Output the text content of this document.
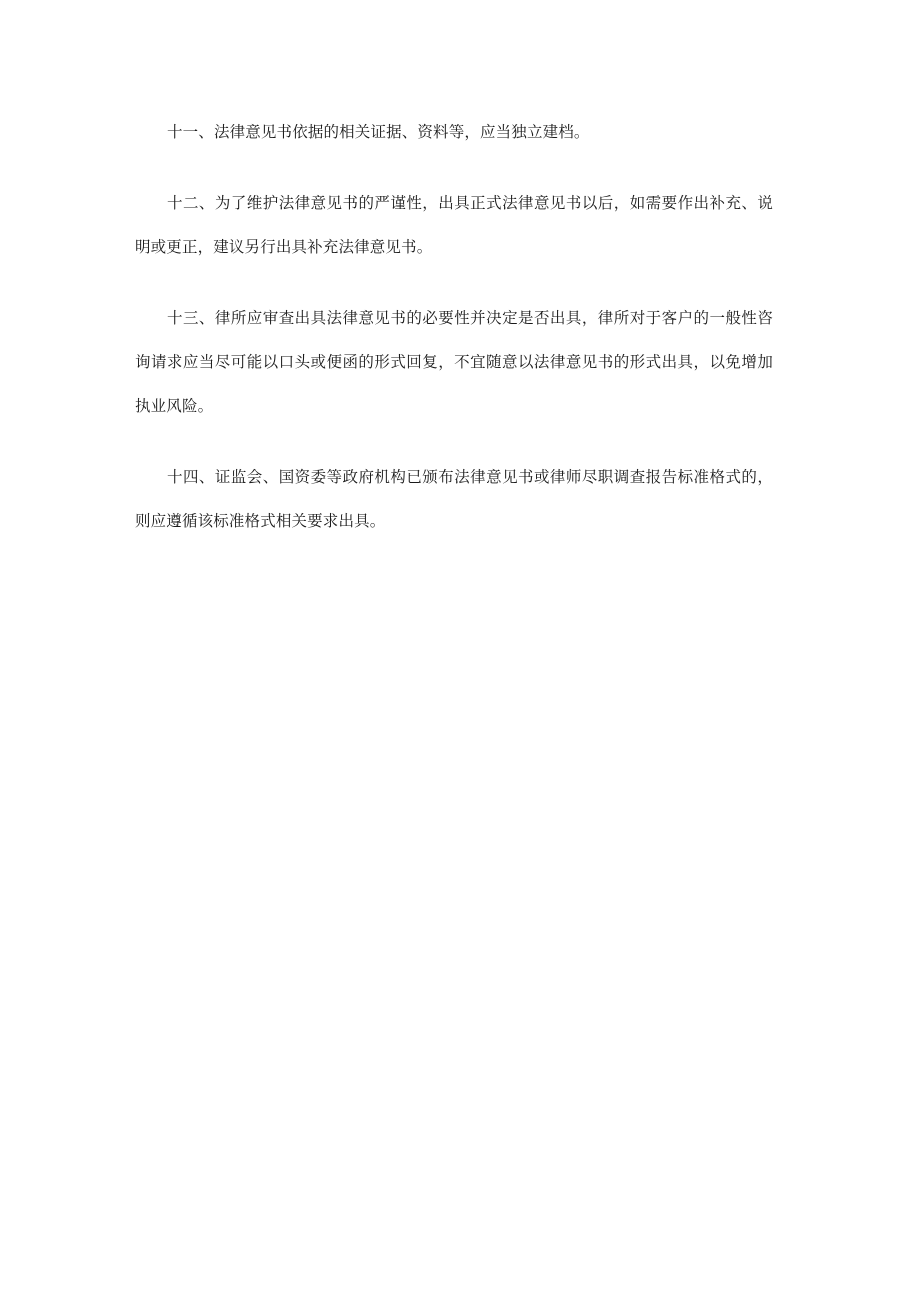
十一、法律意见书依据的相关证据、资料等，应当独立建档。

十二、为了维护法律意见书的严谨性，出具正式法律意见书以后，如需要作出补充、说明或更正，建议另行出具补充法律意见书。

十三、律所应审查出具法律意见书的必要性并决定是否出具，律所对于客户的一般性咨询请求应当尽可能以口头或便函的形式回复，不宜随意以法律意见书的形式出具，以免增加执业风险。

十四、证监会、国资委等政府机构已颁布法律意见书或律师尽职调查报告标准格式的，则应遵循该标准格式相关要求出具。
